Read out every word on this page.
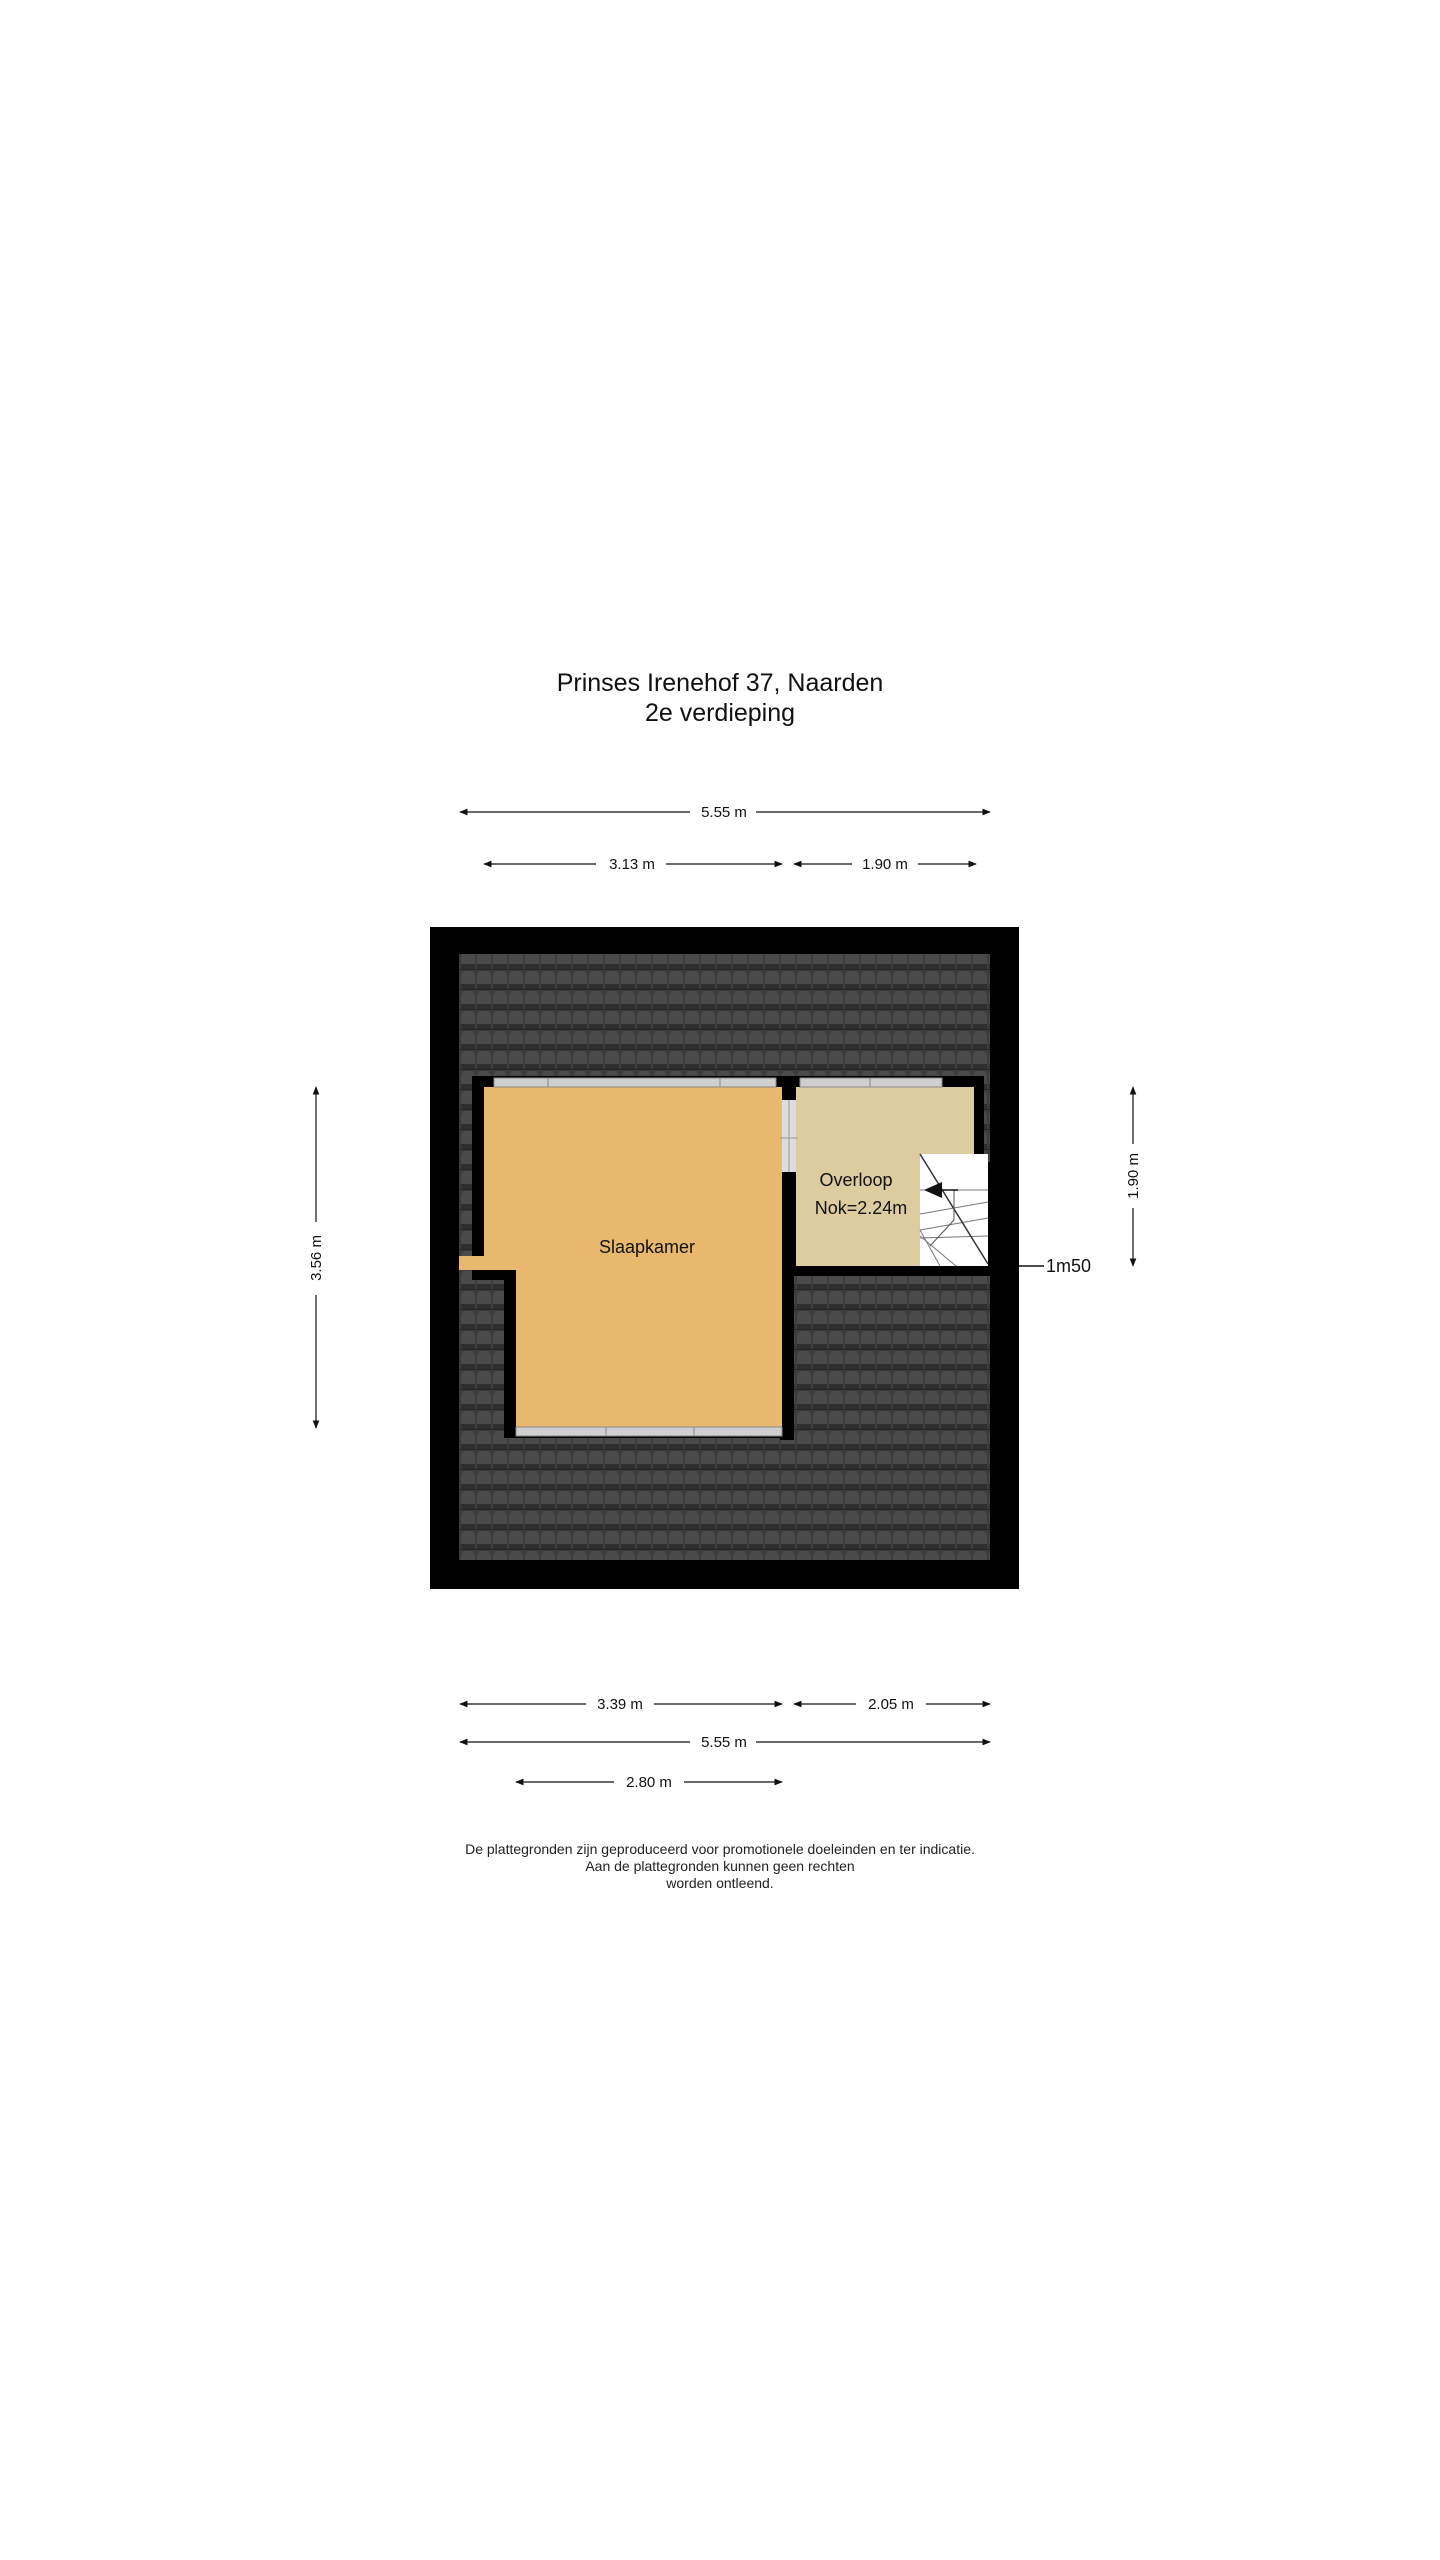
Prinses Irenehof 37, Naarden
2e verdieping
Slaapkamer
Overloop
Nok=2.24m
1m50
5.55 m
3.13 m	1.90 m
3.56 m
1.90 m
3.39 m	2.05 m
5.55 m
2.80 m
De plattegronden zijn geproduceerd voor promotionele doeleinden en ter indicatie.
Aan de plattegronden kunnen geen rechten
worden ontleend.
